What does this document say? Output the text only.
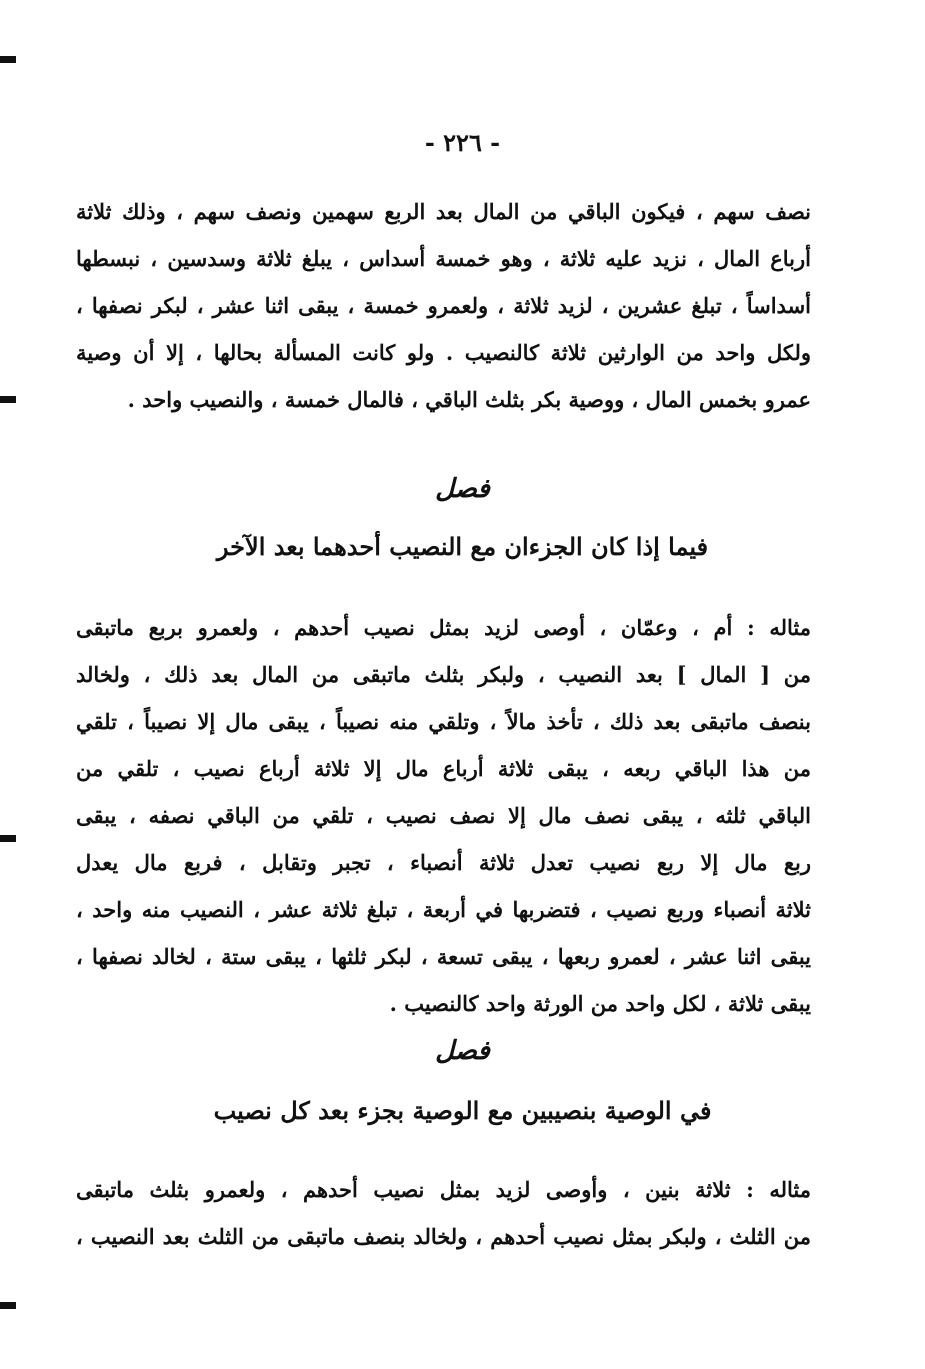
- ٢٢٦ -
نصف سهم ، فيكون الباقي من المال بعد الربع سهمين ونصف سهم ، وذلك ثلاثة
أرباع المال ، نزيد عليه ثلاثة ، وهو خمسة أسداس ، يبلغ ثلاثة وسدسين ، نبسطها
أسداساً ، تبلغ عشرين ، لزيد ثلاثة ، ولعمرو خمسة ، يبقى اثنا عشر ، لبكر نصفها ،
ولكل واحد من الوارثين ثلاثة كالنصيب . ولو كانت المسألة بحالها ، إلا أن وصية
عمرو بخمس المال ، ووصية بكر بثلث الباقي ، فالمال خمسة ، والنصيب واحد .
فصل
فيما إذا كان الجزءان مع النصيب أحدهما بعد الآخر
مثاله : أم ، وعمّان ، أوصى لزيد بمثل نصيب أحدهم ، ولعمرو بربع ماتبقى
من [ المال ] بعد النصيب ، ولبكر بثلث ماتبقى من المال بعد ذلك ، ولخالد
بنصف ماتبقى بعد ذلك ، تأخذ مالاً ، وتلقي منه نصيباً ، يبقى مال إلا نصيباً ، تلقي
من هذا الباقي ربعه ، يبقى ثلاثة أرباع مال إلا ثلاثة أرباع نصيب ، تلقي من
الباقي ثلثه ، يبقى نصف مال إلا نصف نصيب ، تلقي من الباقي نصفه ، يبقى
ربع مال إلا ربع نصيب تعدل ثلاثة أنصباء ، تجبر وتقابل ، فربع مال يعدل
ثلاثة أنصباء وربع نصيب ، فتضربها في أربعة ، تبلغ ثلاثة عشر ، النصيب منه واحد ،
يبقى اثنا عشر ، لعمرو ربعها ، يبقى تسعة ، لبكر ثلثها ، يبقى ستة ، لخالد نصفها ،
يبقى ثلاثة ، لكل واحد من الورثة واحد كالنصيب .
فصل
في الوصية بنصيبين مع الوصية بجزء بعد كل نصيب
مثاله : ثلاثة بنين ، وأوصى لزيد بمثل نصيب أحدهم ، ولعمرو بثلث ماتبقى
من الثلث ، ولبكر بمثل نصيب أحدهم ، ولخالد بنصف ماتبقى من الثلث بعد النصيب ،
